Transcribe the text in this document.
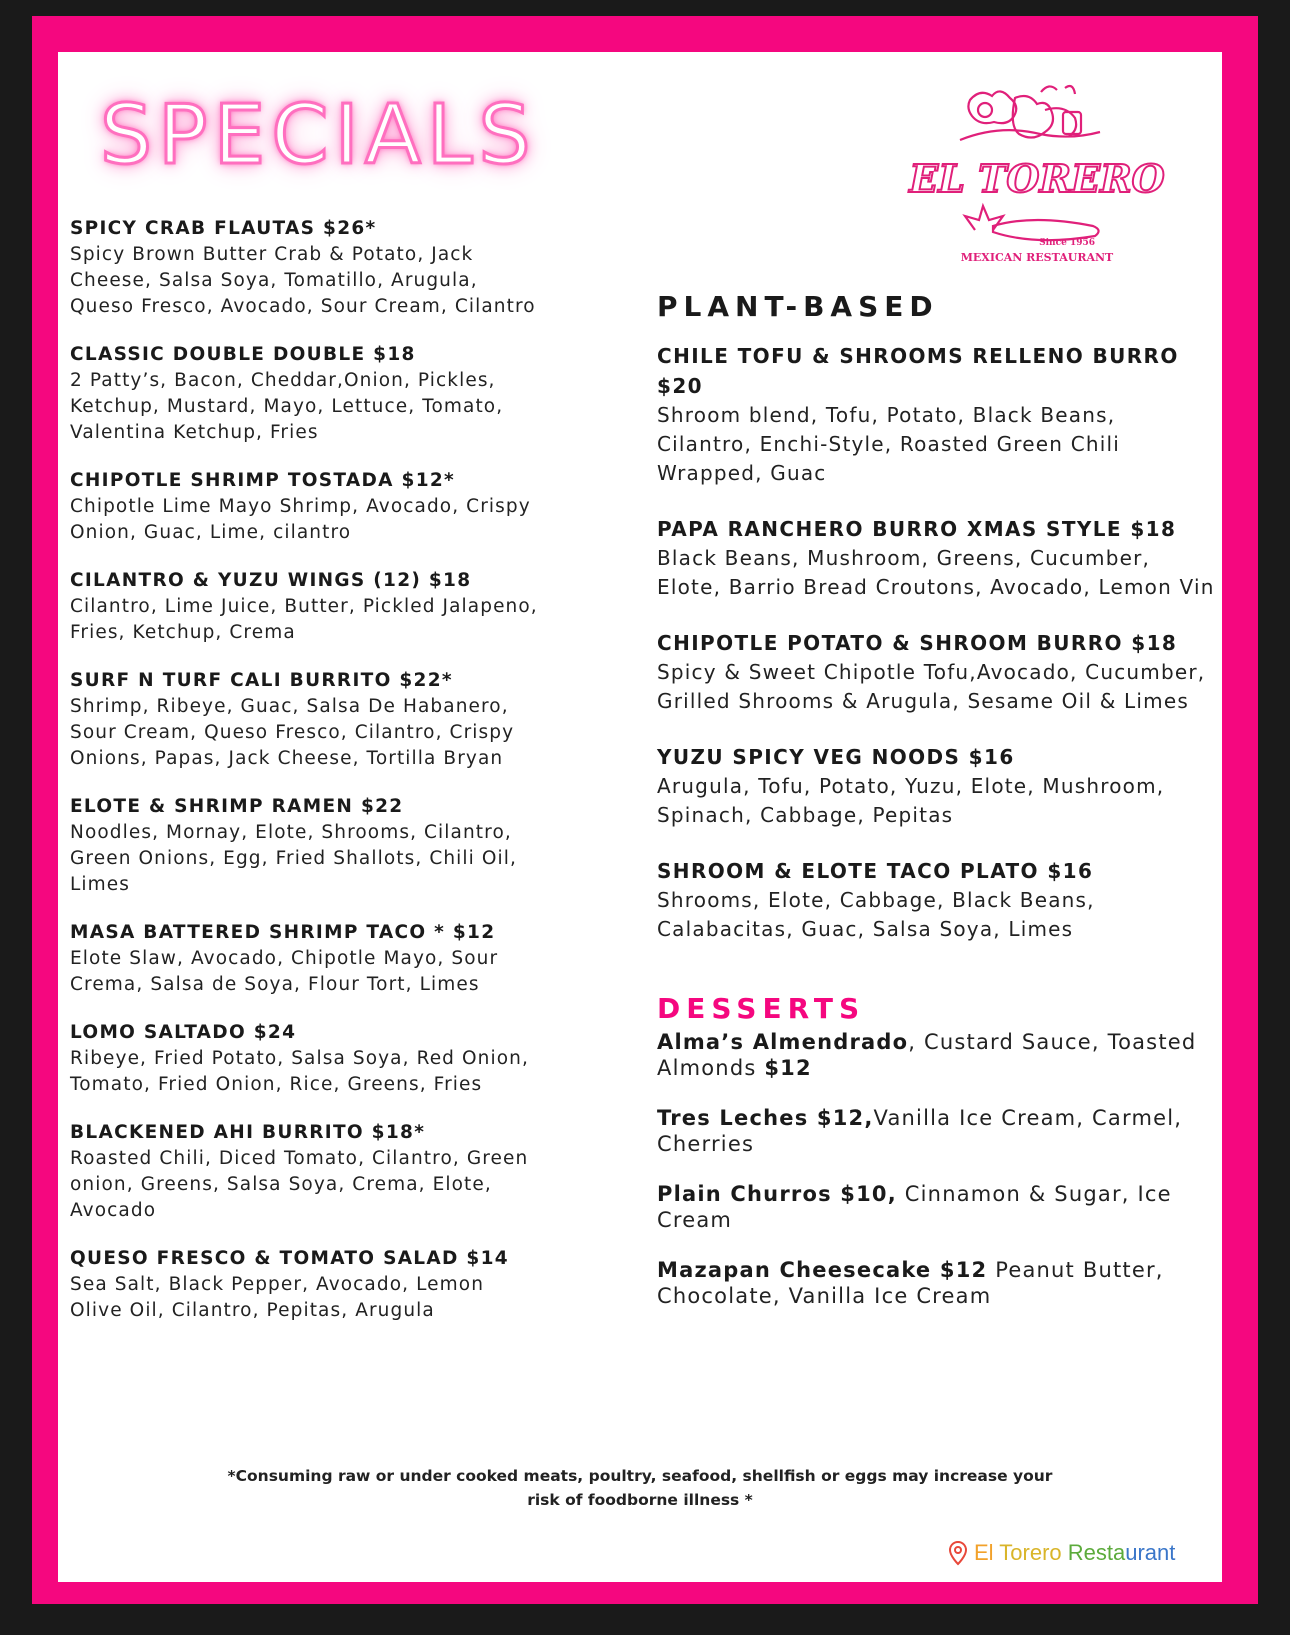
SPECIALS	EL TORERO
Since 1956
MEXICAN RESTAURANT
SPICY CRAB FLAUTAS $26*
Spicy Brown Butter Crab & Potato, Jack Cheese, Salsa Soya, Tomatillo, Arugula, Queso Fresco, Avocado, Sour Cream, Cilantro
CLASSIC DOUBLE DOUBLE $18
2 Patty’s, Bacon, Cheddar,Onion, Pickles, Ketchup, Mustard, Mayo, Lettuce, Tomato, Valentina Ketchup, Fries
CHIPOTLE SHRIMP TOSTADA $12*
Chipotle Lime Mayo Shrimp, Avocado, Crispy Onion, Guac, Lime, cilantro
CILANTRO & YUZU WINGS (12) $18
Cilantro, Lime Juice, Butter, Pickled Jalapeno, Fries, Ketchup, Crema
SURF N TURF CALI BURRITO $22*
Shrimp, Ribeye, Guac, Salsa De Habanero, Sour Cream, Queso Fresco, Cilantro, Crispy Onions, Papas, Jack Cheese, Tortilla Bryan
ELOTE & SHRIMP RAMEN $22
Noodles, Mornay, Elote, Shrooms, Cilantro, Green Onions, Egg, Fried Shallots, Chili Oil, Limes
MASA BATTERED SHRIMP TACO * $12
Elote Slaw, Avocado, Chipotle Mayo, Sour Crema, Salsa de Soya, Flour Tort, Limes
LOMO SALTADO $24
Ribeye, Fried Potato, Salsa Soya, Red Onion, Tomato, Fried Onion, Rice, Greens, Fries
BLACKENED AHI BURRITO $18*
Roasted Chili, Diced Tomato, Cilantro, Green onion, Greens, Salsa Soya, Crema, Elote, Avocado
QUESO FRESCO & TOMATO SALAD $14
Sea Salt, Black Pepper, Avocado, Lemon Olive Oil, Cilantro, Pepitas, Arugula
PLANT-BASED
CHILE TOFU & SHROOMS RELLENO BURRO $20
Shroom blend, Tofu, Potato, Black Beans, Cilantro, Enchi-Style, Roasted Green Chili Wrapped, Guac
PAPA RANCHERO BURRO XMAS STYLE $18
Black Beans, Mushroom, Greens, Cucumber, Elote, Barrio Bread Croutons, Avocado, Lemon Vin
CHIPOTLE POTATO & SHROOM BURRO $18
Spicy & Sweet Chipotle Tofu,Avocado, Cucumber, Grilled Shrooms & Arugula, Sesame Oil & Limes
YUZU SPICY VEG NOODS $16
Arugula, Tofu, Potato, Yuzu, Elote, Mushroom, Spinach, Cabbage, Pepitas
SHROOM & ELOTE TACO PLATO $16
Shrooms, Elote, Cabbage, Black Beans, Calabacitas, Guac, Salsa Soya, Limes
DESSERTS
Alma’s Almendrado, Custard Sauce, Toasted Almonds $12
Tres Leches $12,Vanilla Ice Cream, Carmel, Cherries
Plain Churros $10, Cinnamon & Sugar, Ice Cream
Mazapan Cheesecake $12 Peanut Butter, Chocolate, Vanilla Ice Cream
*Consuming raw or under cooked meats, poultry, seafood, shellfish or eggs may increase your risk of foodborne illness *
El Torero Restaurant
